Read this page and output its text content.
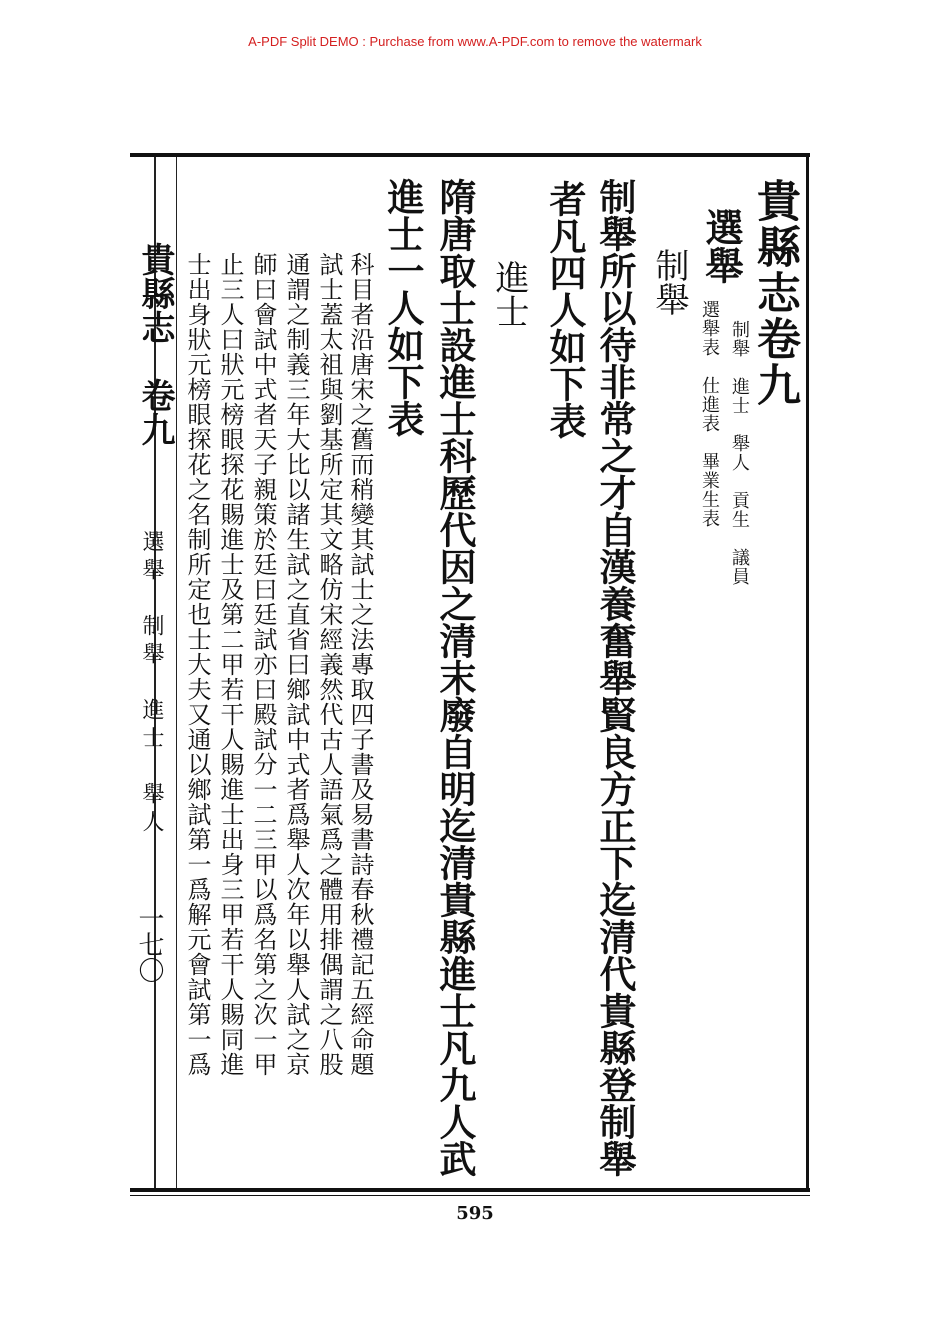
A-PDF Split DEMO : Purchase from www.A-PDF.com to remove the watermark
貴縣志卷九
選舉
制舉　進士　舉人　貢生　議員
選舉表　仕進表　畢業生表
制舉
制舉所以待非常之才自漢養奮舉賢良方正下迄清代貴縣登制舉
者凡四人如下表
進士
隋唐取士設進士科歷代因之清末廢自明迄清貴縣進士凡九人武
進士一人如下表
科目者沿唐宋之舊而稍變其試士之法專取四子書及易書詩春秋禮記五經命題
試士蓋太祖與劉基所定其文略仿宋經義然代古人語氣爲之體用排偶謂之八股
通謂之制義三年大比以諸生試之直省曰鄉試中式者爲舉人次年以舉人試之京
師曰會試中式者天子親策於廷曰廷試亦曰殿試分一二三甲以爲名第之次一甲
止三人曰狀元榜眼探花賜進士及第二甲若干人賜進士出身三甲若干人賜同進
士出身狀元榜眼探花之名制所定也士大夫又通以鄉試第一爲解元會試第一爲
貴縣志　卷九
選舉　制舉　進士　舉人
一七〇
595
